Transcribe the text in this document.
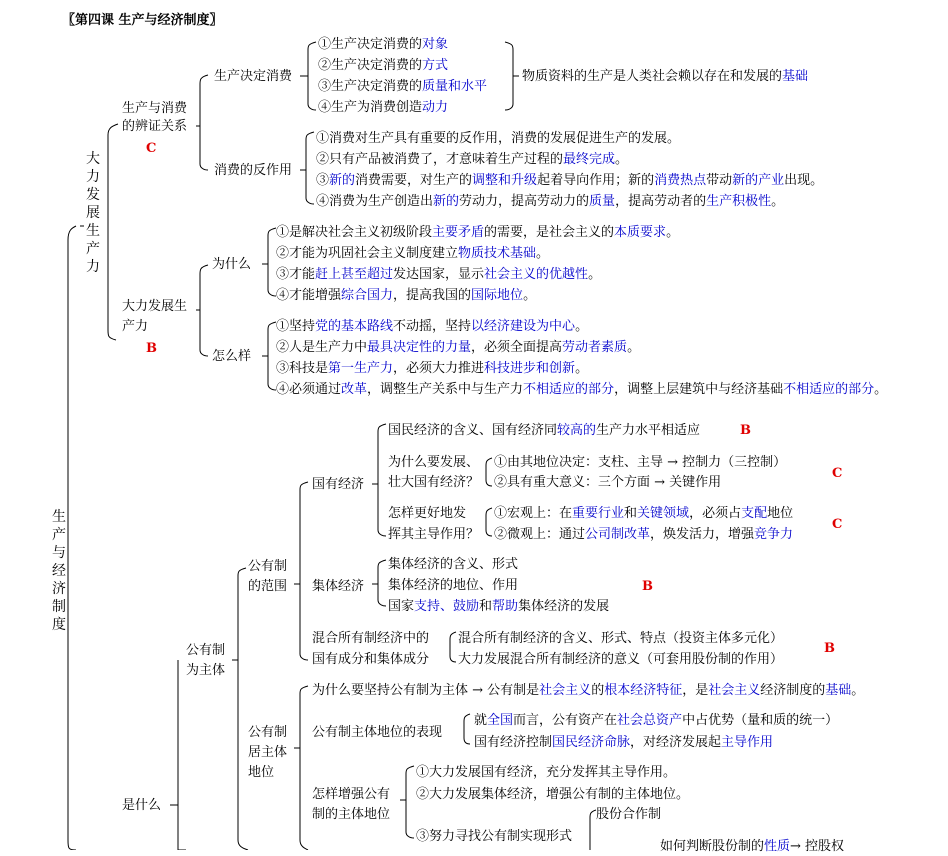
〖第四课 生产与经济制度〗
生
产
与
经
济
制
度
大
力
发
展
生
产
力
生产与消费
的辨证关系
C
生产决定消费
①生产决定消费的对象
②生产决定消费的方式
③生产决定消费的质量和水平
④生产为消费创造动力
物质资料的生产是人类社会赖以存在和发展的基础
消费的反作用
①消费对生产具有重要的反作用，消费的发展促进生产的发展。
②只有产品被消费了，才意味着生产过程的最终完成。
③新的消费需要，对生产的调整和升级起着导向作用；新的消费热点带动新的产业出现。
④消费为生产创造出新的劳动力，提高劳动力的质量，提高劳动者的生产积极性。
大力发展生
产力
B
为什么
①是解决社会主义初级阶段主要矛盾的需要，是社会主义的本质要求。
②才能为巩固社会主义制度建立物质技术基础。
③才能赶上甚至超过发达国家，显示社会主义的优越性。
④才能增强综合国力，提高我国的国际地位。
怎么样
①坚持党的基本路线不动摇，坚持以经济建设为中心。
②人是生产力中最具决定性的力量，必须全面提高劳动者素质。
③科技是第一生产力，必须大力推进科技进步和创新。
④必须通过改革，调整生产关系中与生产力不相适应的部分，调整上层建筑中与经济基础不相适应的部分。
是什么
公有制
为主体
公有制
的范围
国有经济
国民经济的含义、国有经济同较高的生产力水平相适应	B
为什么要发展、
壮大国有经济？
①由其地位决定：支柱、主导 → 控制力（三控制）
②具有重大意义：三个方面 → 关键作用
C
怎样更好地发
挥其主导作用？
①宏观上：在重要行业和关键领域，必须占支配地位
②微观上：通过公司制改革，焕发活力，增强竞争力
C
集体经济
集体经济的含义、形式
集体经济的地位、作用
国家支持、鼓励和帮助集体经济的发展
B
混合所有制经济中的
国有成分和集体成分
混合所有制经济的含义、形式、特点（投资主体多元化）
大力发展混合所有制经济的意义（可套用股份制的作用）
B
公有制
居主体
地位
为什么要坚持公有制为主体 → 公有制是社会主义的根本经济特征，是社会主义经济制度的基础。
公有制主体地位的表现
就全国而言，公有资产在社会总资产中占优势（量和质的统一）
国有经济控制国民经济命脉，对经济发展起主导作用
怎样增强公有
制的主体地位
①大力发展国有经济，充分发挥其主导作用。
②大力发展集体经济，增强公有制的主体地位。
③努力寻找公有制实现形式
股份合作制
如何判断股份制的性质→ 控股权
